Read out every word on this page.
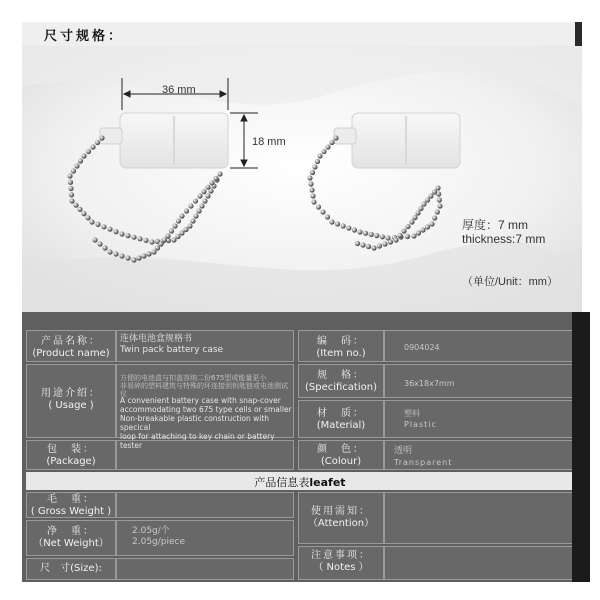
尺寸规格：
36 mm
18 mm
厚度：7 mm
thickness:7 mm
（单位/Unit：mm）
产品名称：
(Product name)
连体电池盒规格书
Twin pack battery case
编　码：
(Item no.)
0904024
用途介绍：
( Usage )
方便的电池盒与扣盖容纳二份675型或能量更小
非易碎的塑料建筑与特殊的环连接到钥匙链或电池测试仪
A convenient battery case with snap-cover
accommodating two 675 type cells or smaller
Non-breakable plastic construction with specical
loop for attaching to key chain or battery tester
规　格：
(Specification)	36x18x7mm
材　质：
(Material)
塑料
Plastic
包　装：
(Package)
颜　色：
(Colour)
透明
Transparent
产品信息表leafet
毛　重：
( Gross Weight )	使用需知：
（Attention）
净　重：
（Net Weight）
2.05g/个
2.05g/piece
注意事项：
（ Notes ）
尺　寸(Size):
